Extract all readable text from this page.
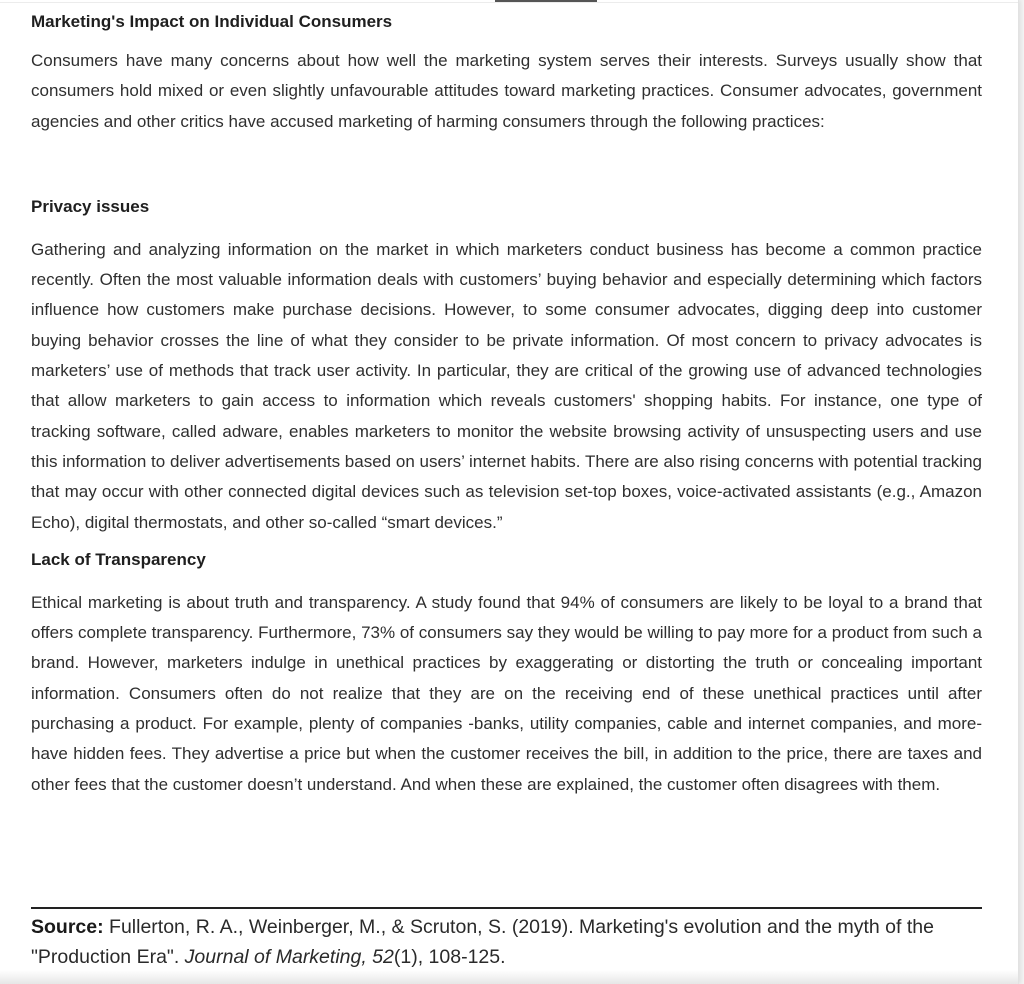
Marketing's Impact on Individual Consumers

Consumers have many concerns about how well the marketing system serves their interests. Surveys usually show that consumers hold mixed or even slightly unfavourable attitudes toward marketing practices. Consumer advocates, government agencies and other critics have accused marketing of harming consumers through the following practices:

Privacy issues

Gathering and analyzing information on the market in which marketers conduct business has become a common practice recently. Often the most valuable information deals with customers’ buying behavior and especially determining which factors influence how customers make purchase decisions. However, to some consumer advocates, digging deep into customer buying behavior crosses the line of what they consider to be private information. Of most concern to privacy advocates is marketers’ use of methods that track user activity. In particular, they are critical of the growing use of advanced technologies that allow marketers to gain access to information which reveals customers' shopping habits. For instance, one type of tracking software, called adware, enables marketers to monitor the website browsing activity of unsuspecting users and use this information to deliver advertisements based on users’ internet habits. There are also rising concerns with potential tracking that may occur with other connected digital devices such as television set-top boxes, voice-activated assistants (e.g., Amazon Echo), digital thermostats, and other so-called “smart devices.”

Lack of Transparency

Ethical marketing is about truth and transparency. A study found that 94% of consumers are likely to be loyal to a brand that offers complete transparency. Furthermore, 73% of consumers say they would be willing to pay more for a product from such a brand. However, marketers indulge in unethical practices by exaggerating or distorting the truth or concealing important information. Consumers often do not realize that they are on the receiving end of these unethical practices until after purchasing a product. For example, plenty of companies -banks, utility companies, cable and internet companies, and more- have hidden fees. They advertise a price but when the customer receives the bill, in addition to the price, there are taxes and other fees that the customer doesn’t understand. And when these are explained, the customer often disagrees with them.

Source: Fullerton, R. A., Weinberger, M., & Scruton, S. (2019). Marketing's evolution and the myth of the "Production Era". Journal of Marketing, 52(1), 108-125.
